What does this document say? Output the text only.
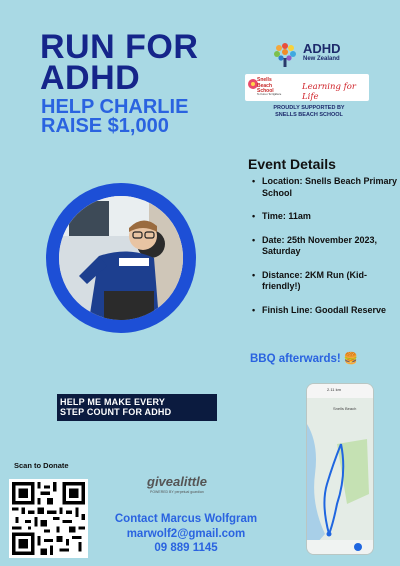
RUN FOR
ADHD
HELP CHARLIE
RAISE $1,000
ADHD
New Zealand
Snells Beach School
Te Kura o Te Ngāhere
Learning for Life
PROUDLY SUPPORTED BY
SNELLS BEACH SCHOOL
Event Details
• Location: Snells Beach Primary School
• Time: 11am
• Date: 25th November 2023, Saturday
• Distance: 2KM Run (Kid-friendly!)
• Finish Line: Goodall Reserve
BBQ afterwards! 🍔
HELP ME MAKE EVERY
STEP COUNT FOR ADHD
Scan to Donate
givealittle
POWERED BY perpetual guardian
Contact Marcus Wolfgram
marwolf2@gmail.com
09 889 1145
2.11 km
Snells Beach
